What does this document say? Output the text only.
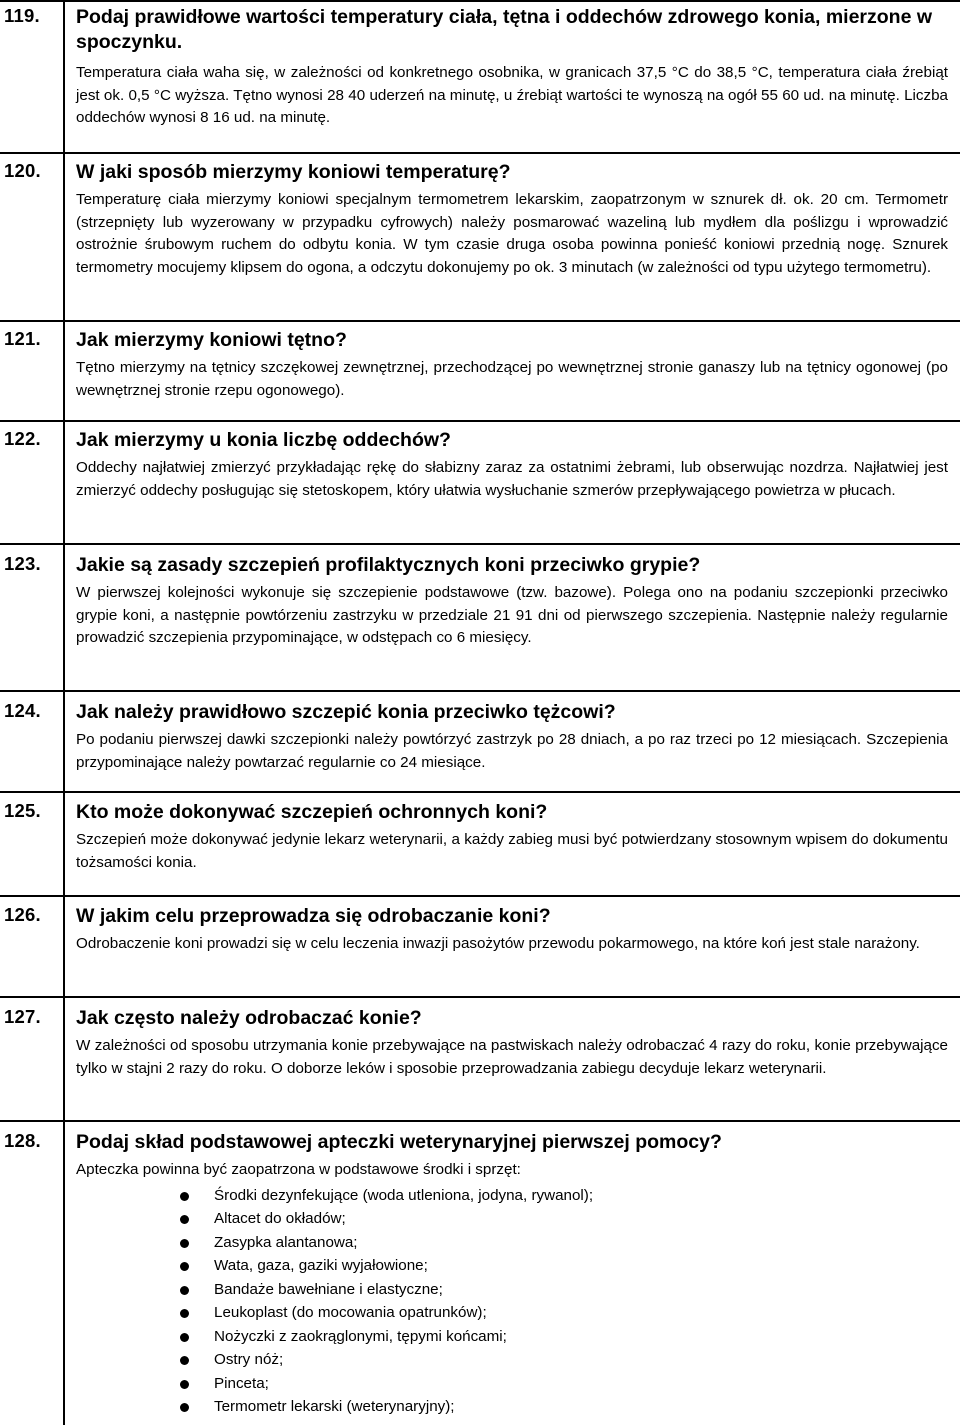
119. Podaj prawidłowe wartości temperatury ciała, tętna i oddechów zdrowego konia, mierzone w spoczynku.

Temperatura ciała waha się, w zależności od konkretnego osobnika, w granicach 37,5 °C do 38,5 °C, temperatura ciała źrebiąt jest ok. 0,5 °C wyższa. Tętno wynosi 28 40 uderzeń na minutę, u źrebiąt wartości te wynoszą na ogół 55 60 ud. na minutę. Liczba oddechów wynosi 8 16 ud. na minutę.

120. W jaki sposób mierzymy koniowi temperaturę?

Temperaturę ciała mierzymy koniowi specjalnym termometrem lekarskim, zaopatrzonym w sznurek dł. ok. 20 cm. Termometr (strzepnięty lub wyzerowany w przypadku cyfrowych) należy posmarować wazeliną lub mydłem dla poślizgu i wprowadzić ostrożnie śrubowym ruchem do odbytu konia. W tym czasie druga osoba powinna ponieść koniowi przednią nogę. Sznurek termometry mocujemy klipsem do ogona, a odczytu dokonujemy po ok. 3 minutach (w zależności od typu użytego termometru).

121. Jak mierzymy koniowi tętno?

Tętno mierzymy na tętnicy szczękowej zewnętrznej, przechodzącej po wewnętrznej stronie ganaszy lub na tętnicy ogonowej (po wewnętrznej stronie rzepu ogonowego).

122. Jak mierzymy u konia liczbę oddechów?

Oddechy najłatwiej zmierzyć przykładając rękę do słabizny zaraz za ostatnimi żebrami, lub obserwując nozdrza. Najłatwiej jest zmierzyć oddechy posługując się stetoskopem, który ułatwia wysłuchanie szmerów przepływającego powietrza w płucach.

123. Jakie są zasady szczepień profilaktycznych koni przeciwko grypie?

W pierwszej kolejności wykonuje się szczepienie podstawowe (tzw. bazowe). Polega ono na podaniu szczepionki przeciwko grypie koni, a następnie powtórzeniu zastrzyku w przedziale 21 91 dni od pierwszego szczepienia. Następnie należy regularnie prowadzić szczepienia przypominające, w odstępach co 6 miesięcy.

124. Jak należy prawidłowo szczepić konia przeciwko tężcowi?

Po podaniu pierwszej dawki szczepionki należy powtórzyć zastrzyk po 28 dniach, a po raz trzeci po 12 miesiącach. Szczepienia przypominające należy powtarzać regularnie co 24 miesiące.

125. Kto może dokonywać szczepień ochronnych koni?

Szczepień może dokonywać jedynie lekarz weterynarii, a każdy zabieg musi być potwierdzany stosownym wpisem do dokumentu tożsamości konia.

126. W jakim celu przeprowadza się odrobaczanie koni?

Odrobaczenie koni prowadzi się w celu leczenia inwazji pasożytów przewodu pokarmowego, na które koń jest stale narażony.

127. Jak często należy odrobaczać konie?

W zależności od sposobu utrzymania konie przebywające na pastwiskach należy odrobaczać 4 razy do roku, konie przebywające tylko w stajni 2 razy do roku. O doborze leków i sposobie przeprowadzania zabiegu decyduje lekarz weterynarii.

128. Podaj skład podstawowej apteczki weterynaryjnej pierwszej pomocy?

Apteczka powinna być zaopatrzona w podstawowe środki i sprzęt:

Środki dezynfekujące (woda utleniona, jodyna, rywanol);
Altacet do okładów;
Zasypka alantanowa;
Wata, gaza, gaziki wyjałowione;
Bandaże bawełniane i elastyczne;
Leukoplast (do mocowania opatrunków);
Nożyczki z zaokrąglonymi, tępymi końcami;
Ostry nóż;
Pinceta;
Termometr lekarski (weterynaryjny);
